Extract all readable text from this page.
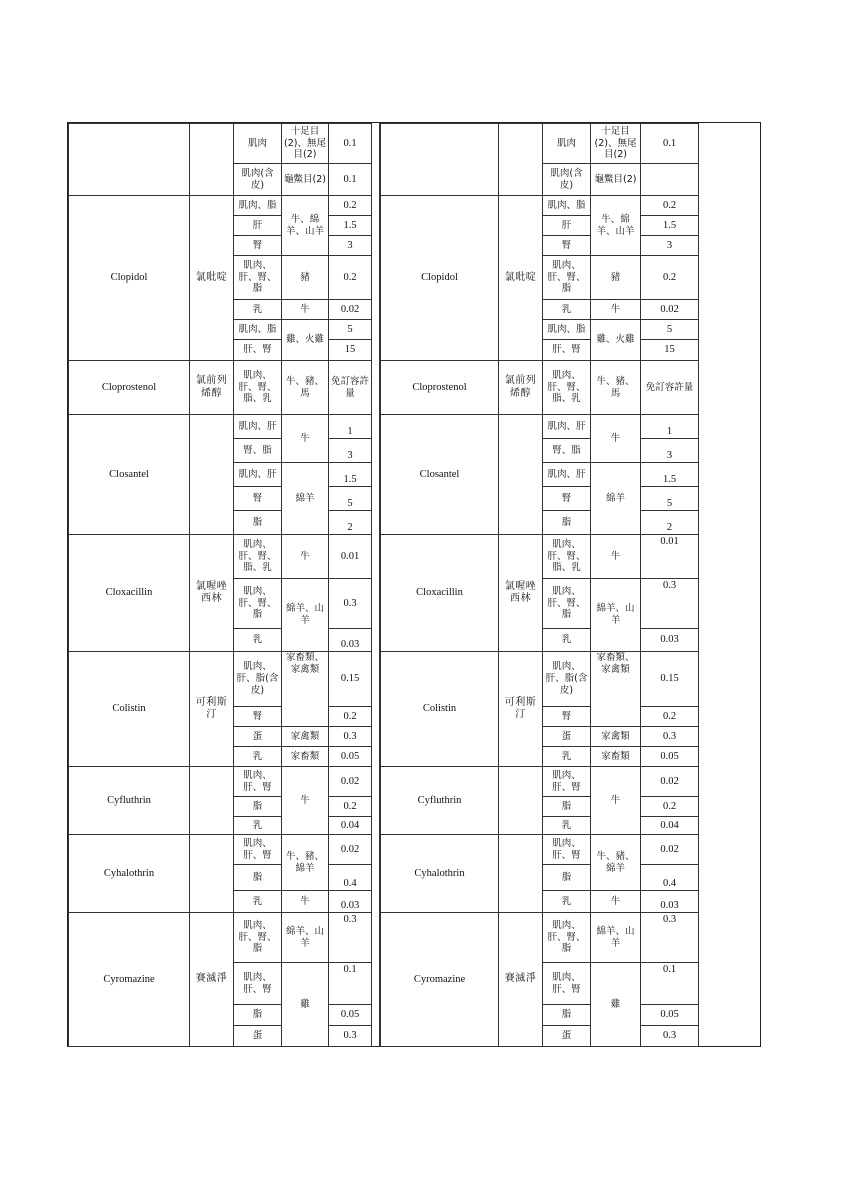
		肌肉	十足目(2)、無尾目(2)	0.1
		肌肉(含皮)	龜鱉目(2)	0.1
Clopidol	氯吡啶	肌肉、脂	牛、綿羊、山羊	0.2
		肝		1.5
		腎		3
		肌肉、肝、腎、脂	豬	0.2
		乳	牛	0.02
		肌肉、脂	雞、火雞	5
		肝、腎		15
Cloprostenol	氯前列烯醇	肌肉、肝、腎、脂、乳	牛、豬、馬	免訂容許量
Closantel		肌肉、肝	牛	1
		腎、脂		3
		肌肉、肝	綿羊	1.5
		腎		5
		脂		2
Cloxacillin	氯喔唑西林	肌肉、肝、腎、脂、乳	牛	0.01
		肌肉、肝、腎、脂	綿羊、山羊	0.3
		乳		0.03
Colistin	可利斯汀	肌肉、肝、脂(含皮)	家畜類、家禽類	0.15
		腎		0.2
		蛋	家禽類	0.3
		乳	家畜類	0.05
Cyfluthrin		肌肉、肝、腎	牛	0.02
		脂		0.2
		乳		0.04
Cyhalothrin		肌肉、肝、腎	牛、豬、綿羊	0.02
		脂		0.4
		乳	牛	0.03
Cyromazine	賽滅淨	肌肉、肝、腎、脂	綿羊、山羊	0.3
		肌肉、肝、腎	雞	0.1
		脂		0.05
		蛋		0.3
		肌肉	十足目(2)、無尾目(2)	0.1
		肌肉(含皮)	龜鱉目(2)	
Clopidol	氯吡啶	肌肉、脂	牛、綿羊、山羊	0.2
		肝		1.5
		腎		3
		肌肉、肝、腎、脂	豬	0.2
		乳	牛	0.02
		肌肉、脂	雞、火雞	5
		肝、腎		15
Cloprostenol	氯前列烯醇	肌肉、肝、腎、脂、乳	牛、豬、馬	免訂容許量
Closantel		肌肉、肝	牛	1
		腎、脂		3
		肌肉、肝	綿羊	1.5
		腎		5
		脂		2
Cloxacillin	氯喔唑西林	肌肉、肝、腎、脂、乳	牛	0.01
		肌肉、肝、腎、脂	綿羊、山羊	0.3
		乳		0.03
Colistin	可利斯汀	肌肉、肝、脂(含皮)	家畜類、家禽類	0.15
		腎		0.2
		蛋	家禽類	0.3
		乳	家畜類	0.05
Cyfluthrin		肌肉、肝、腎	牛	0.02
		脂		0.2
		乳		0.04
Cyhalothrin		肌肉、肝、腎	牛、豬、綿羊	0.02
		脂		0.4
		乳	牛	0.03
Cyromazine	賽滅淨	肌肉、肝、腎、脂	綿羊、山羊	0.3
		肌肉、肝、腎	雞	0.1
		脂		0.05
		蛋		0.3
